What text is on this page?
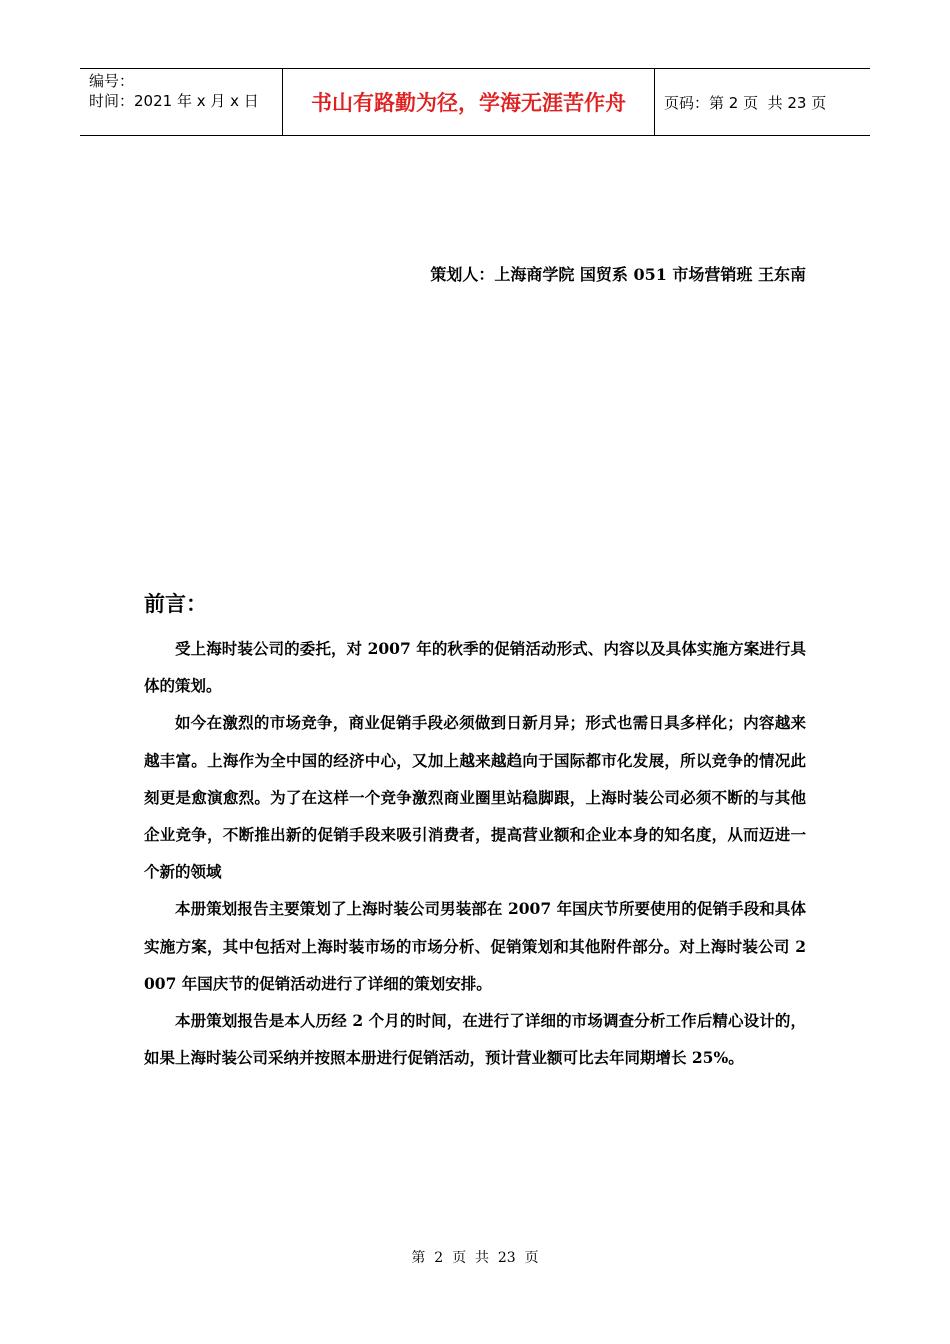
编号：
时间：2021 年 x 月 x 日	书山有路勤为径，学海无涯苦作舟	页码：第 2 页  共 23 页
策划人：上海商学院 国贸系 051 市场营销班 王东南
前言：

受上海时装公司的委托，对 2007 年的秋季的促销活动形式、内容以及具体实施方案进行具体的策划。

如今在激烈的市场竞争，商业促销手段必须做到日新月异；形式也需日具多样化；内容越来越丰富。上海作为全中国的经济中心，又加上越来越趋向于国际都市化发展，所以竞争的情况此刻更是愈演愈烈。为了在这样一个竞争激烈商业圈里站稳脚跟，上海时装公司必须不断的与其他企业竞争，不断推出新的促销手段来吸引消费者，提高营业额和企业本身的知名度，从而迈进一个新的领域

本册策划报告主要策划了上海时装公司男装部在 2007 年国庆节所要使用的促销手段和具体实施方案，其中包括对上海时装市场的市场分析、促销策划和其他附件部分。对上海时装公司 2007 年国庆节的促销活动进行了详细的策划安排。

本册策划报告是本人历经 2 个月的时间，在进行了详细的市场调查分析工作后精心设计的，如果上海时装公司采纳并按照本册进行促销活动，预计营业额可比去年同期增长 25%。

第  2  页  共  23  页
